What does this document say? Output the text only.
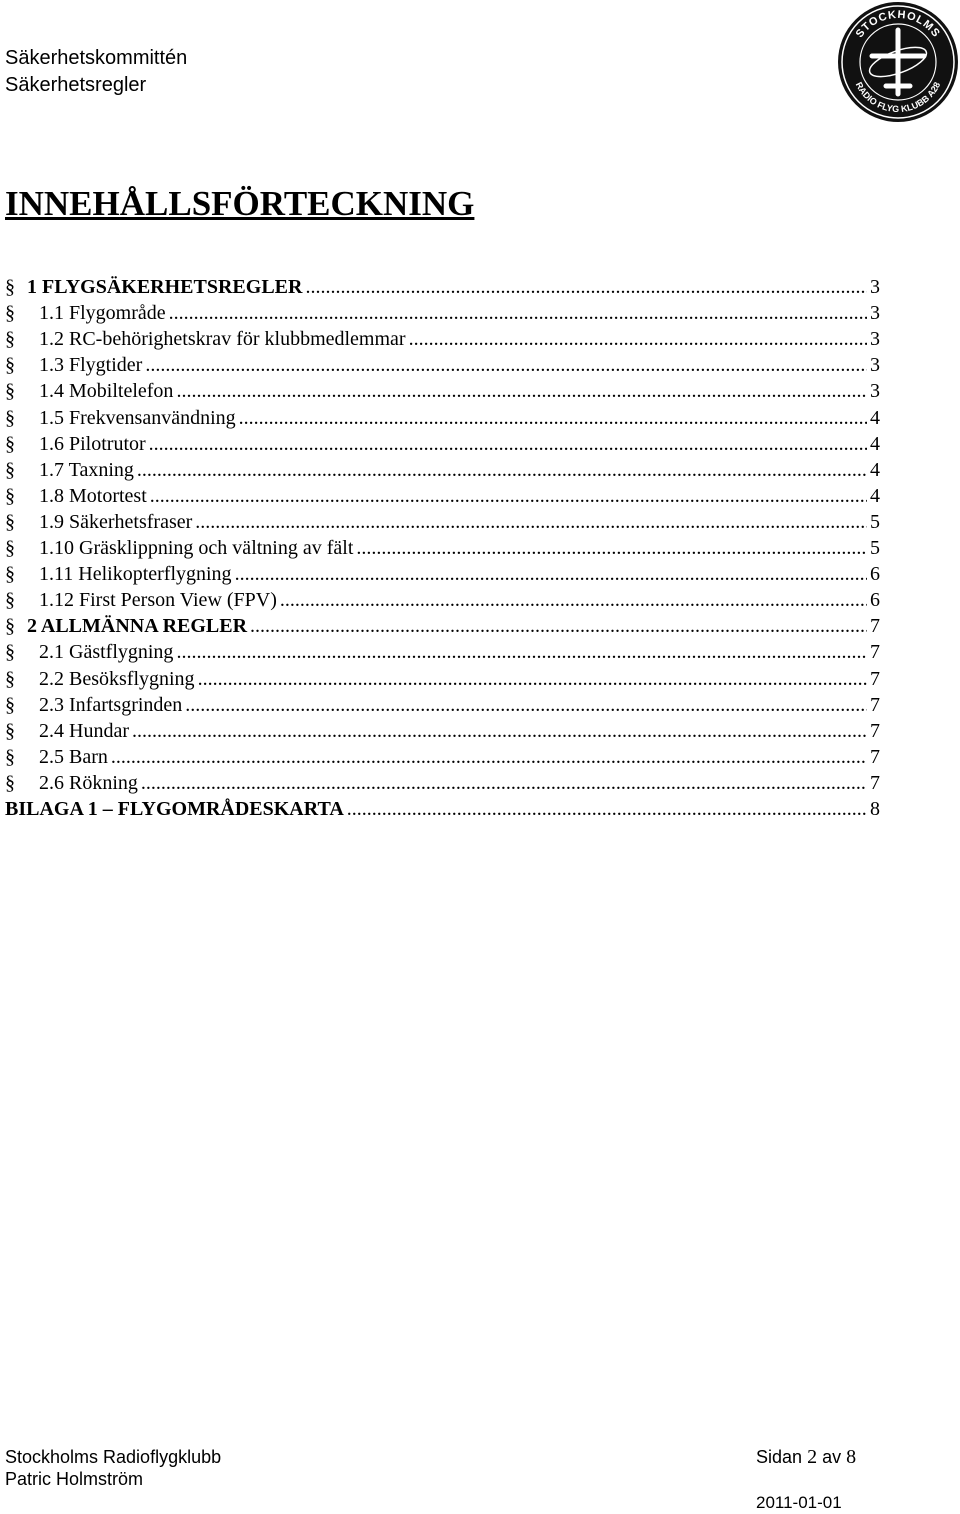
Säkerhetskommittén
Säkerhetsregler
STOCKHOLMS
RADIO FLYG KLUBB A28
INNEHÅLLSFÖRTECKNING
§ 1 FLYGSÄKERHETSREGLER .....	3
§ 1.1 Flygområde .....	3
§ 1.2 RC-behörighetskrav för klubbmedlemmar .....	3
§ 1.3 Flygtider .....	3
§ 1.4 Mobiltelefon .....	3
§ 1.5 Frekvensanvändning .....	4
§ 1.6 Pilotrutor .....	4
§ 1.7 Taxning .....	4
§ 1.8 Motortest .....	4
§ 1.9 Säkerhetsfraser .....	5
§ 1.10 Gräsklippning och vältning av fält .....	5
§ 1.11 Helikopterflygning .....	6
§ 1.12 First Person View (FPV) .....	6
§ 2 ALLMÄNNA REGLER .....	7
§ 2.1 Gästflygning .....	7
§ 2.2 Besöksflygning .....	7
§ 2.3 Infartsgrinden .....	7
§ 2.4 Hundar .....	7
§ 2.5 Barn .....	7
§ 2.6 Rökning .....	7
BILAGA 1 – FLYGOMRÅDESKARTA .....	8
Stockholms Radioflygklubb
Patric Holmström
Sidan 2 av 8
2011-01-01
